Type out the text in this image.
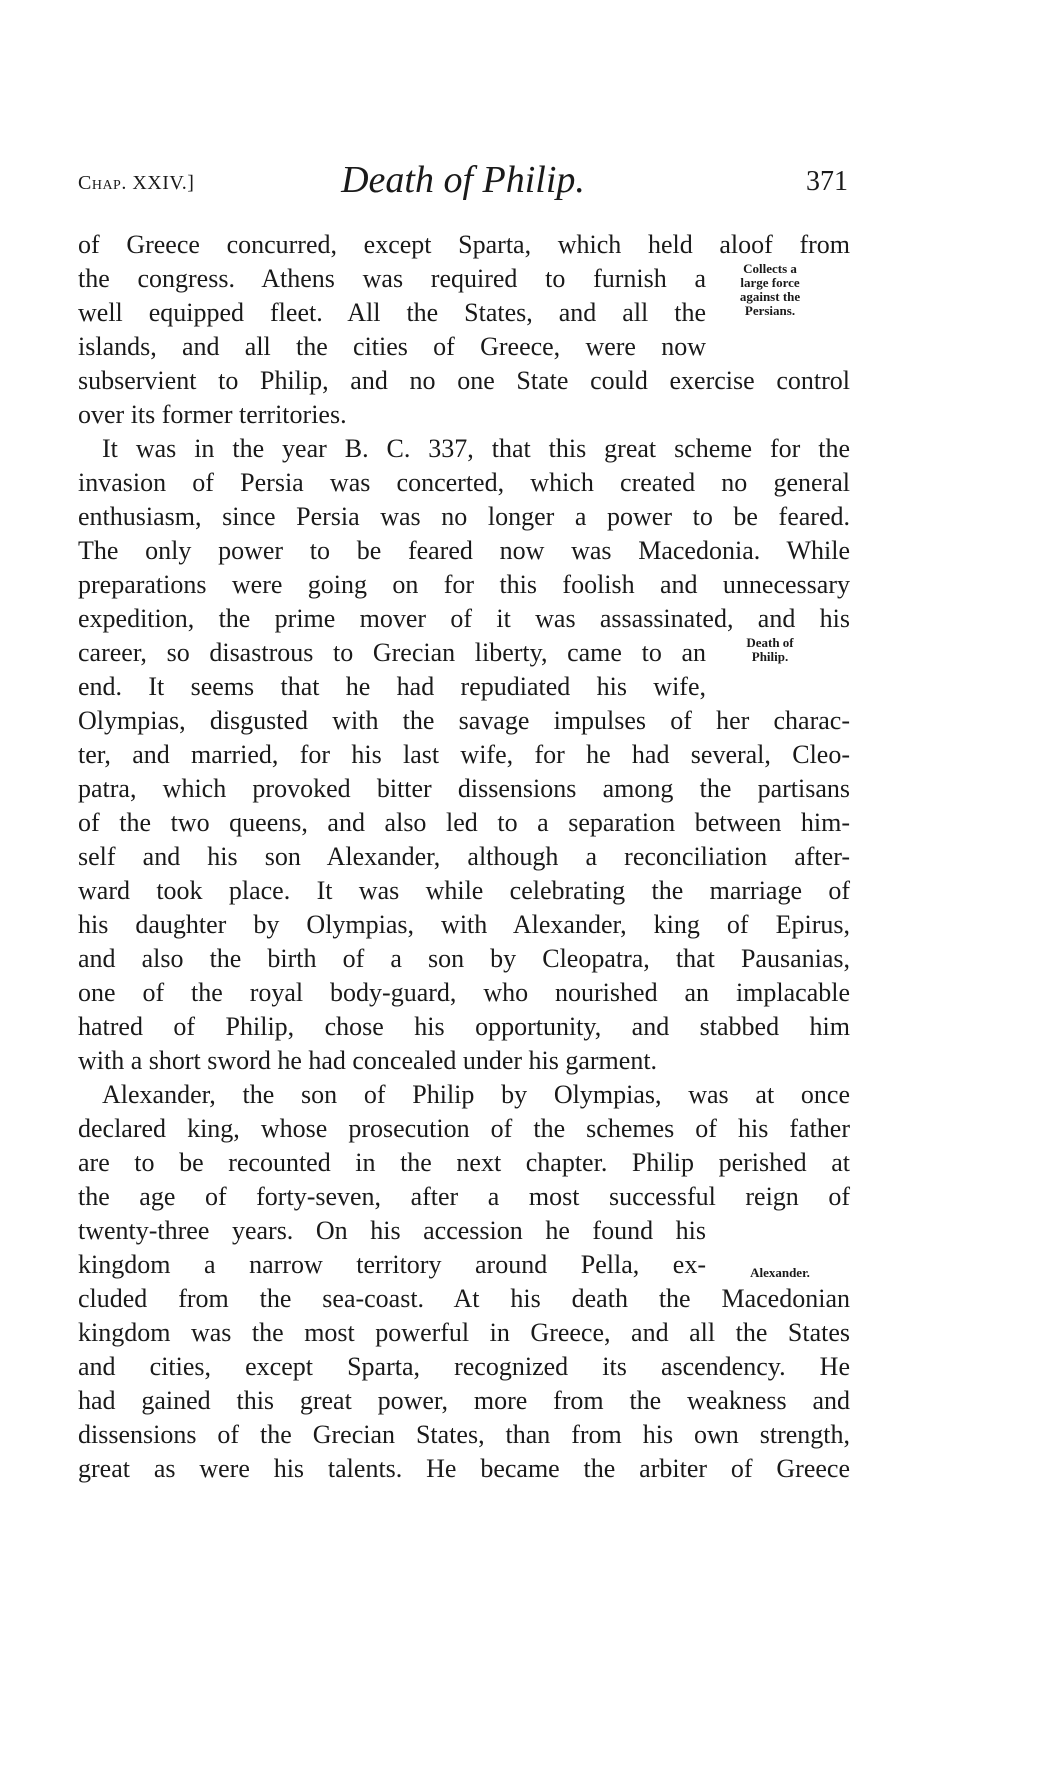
Chap. XXIV.]	Death of Philip.	371
Collects a
large force
against the
Persians.
Death of
Philip.
Alexander.
of Greece concurred, except Sparta, which held aloof from
the congress. Athens was required to furnish a
well equipped fleet. All the States, and all the
islands, and all the cities of Greece, were now
subservient to Philip, and no one State could exercise control
over its former territories.
It was in the year B. C. 337, that this great scheme for the
invasion of Persia was concerted, which created no general
enthusiasm, since Persia was no longer a power to be feared.
The only power to be feared now was Macedonia. While
preparations were going on for this foolish and unnecessary
expedition, the prime mover of it was assassinated, and his
career, so disastrous to Grecian liberty, came to an
end. It seems that he had repudiated his wife,
Olympias, disgusted with the savage impulses of her charac-
ter, and married, for his last wife, for he had several, Cleo-
patra, which provoked bitter dissensions among the partisans
of the two queens, and also led to a separation between him-
self and his son Alexander, although a reconciliation after-
ward took place. It was while celebrating the marriage of
his daughter by Olympias, with Alexander, king of Epirus,
and also the birth of a son by Cleopatra, that Pausanias,
one of the royal body-guard, who nourished an implacable
hatred of Philip, chose his opportunity, and stabbed him
with a short sword he had concealed under his garment.
Alexander, the son of Philip by Olympias, was at once
declared king, whose prosecution of the schemes of his father
are to be recounted in the next chapter. Philip perished at
the age of forty-seven, after a most successful reign of
twenty-three years. On his accession he found his
kingdom a narrow territory around Pella, ex-
cluded from the sea-coast. At his death the Macedonian
kingdom was the most powerful in Greece, and all the States
and cities, except Sparta, recognized its ascendency. He
had gained this great power, more from the weakness and
dissensions of the Grecian States, than from his own strength,
great as were his talents. He became the arbiter of Greece
